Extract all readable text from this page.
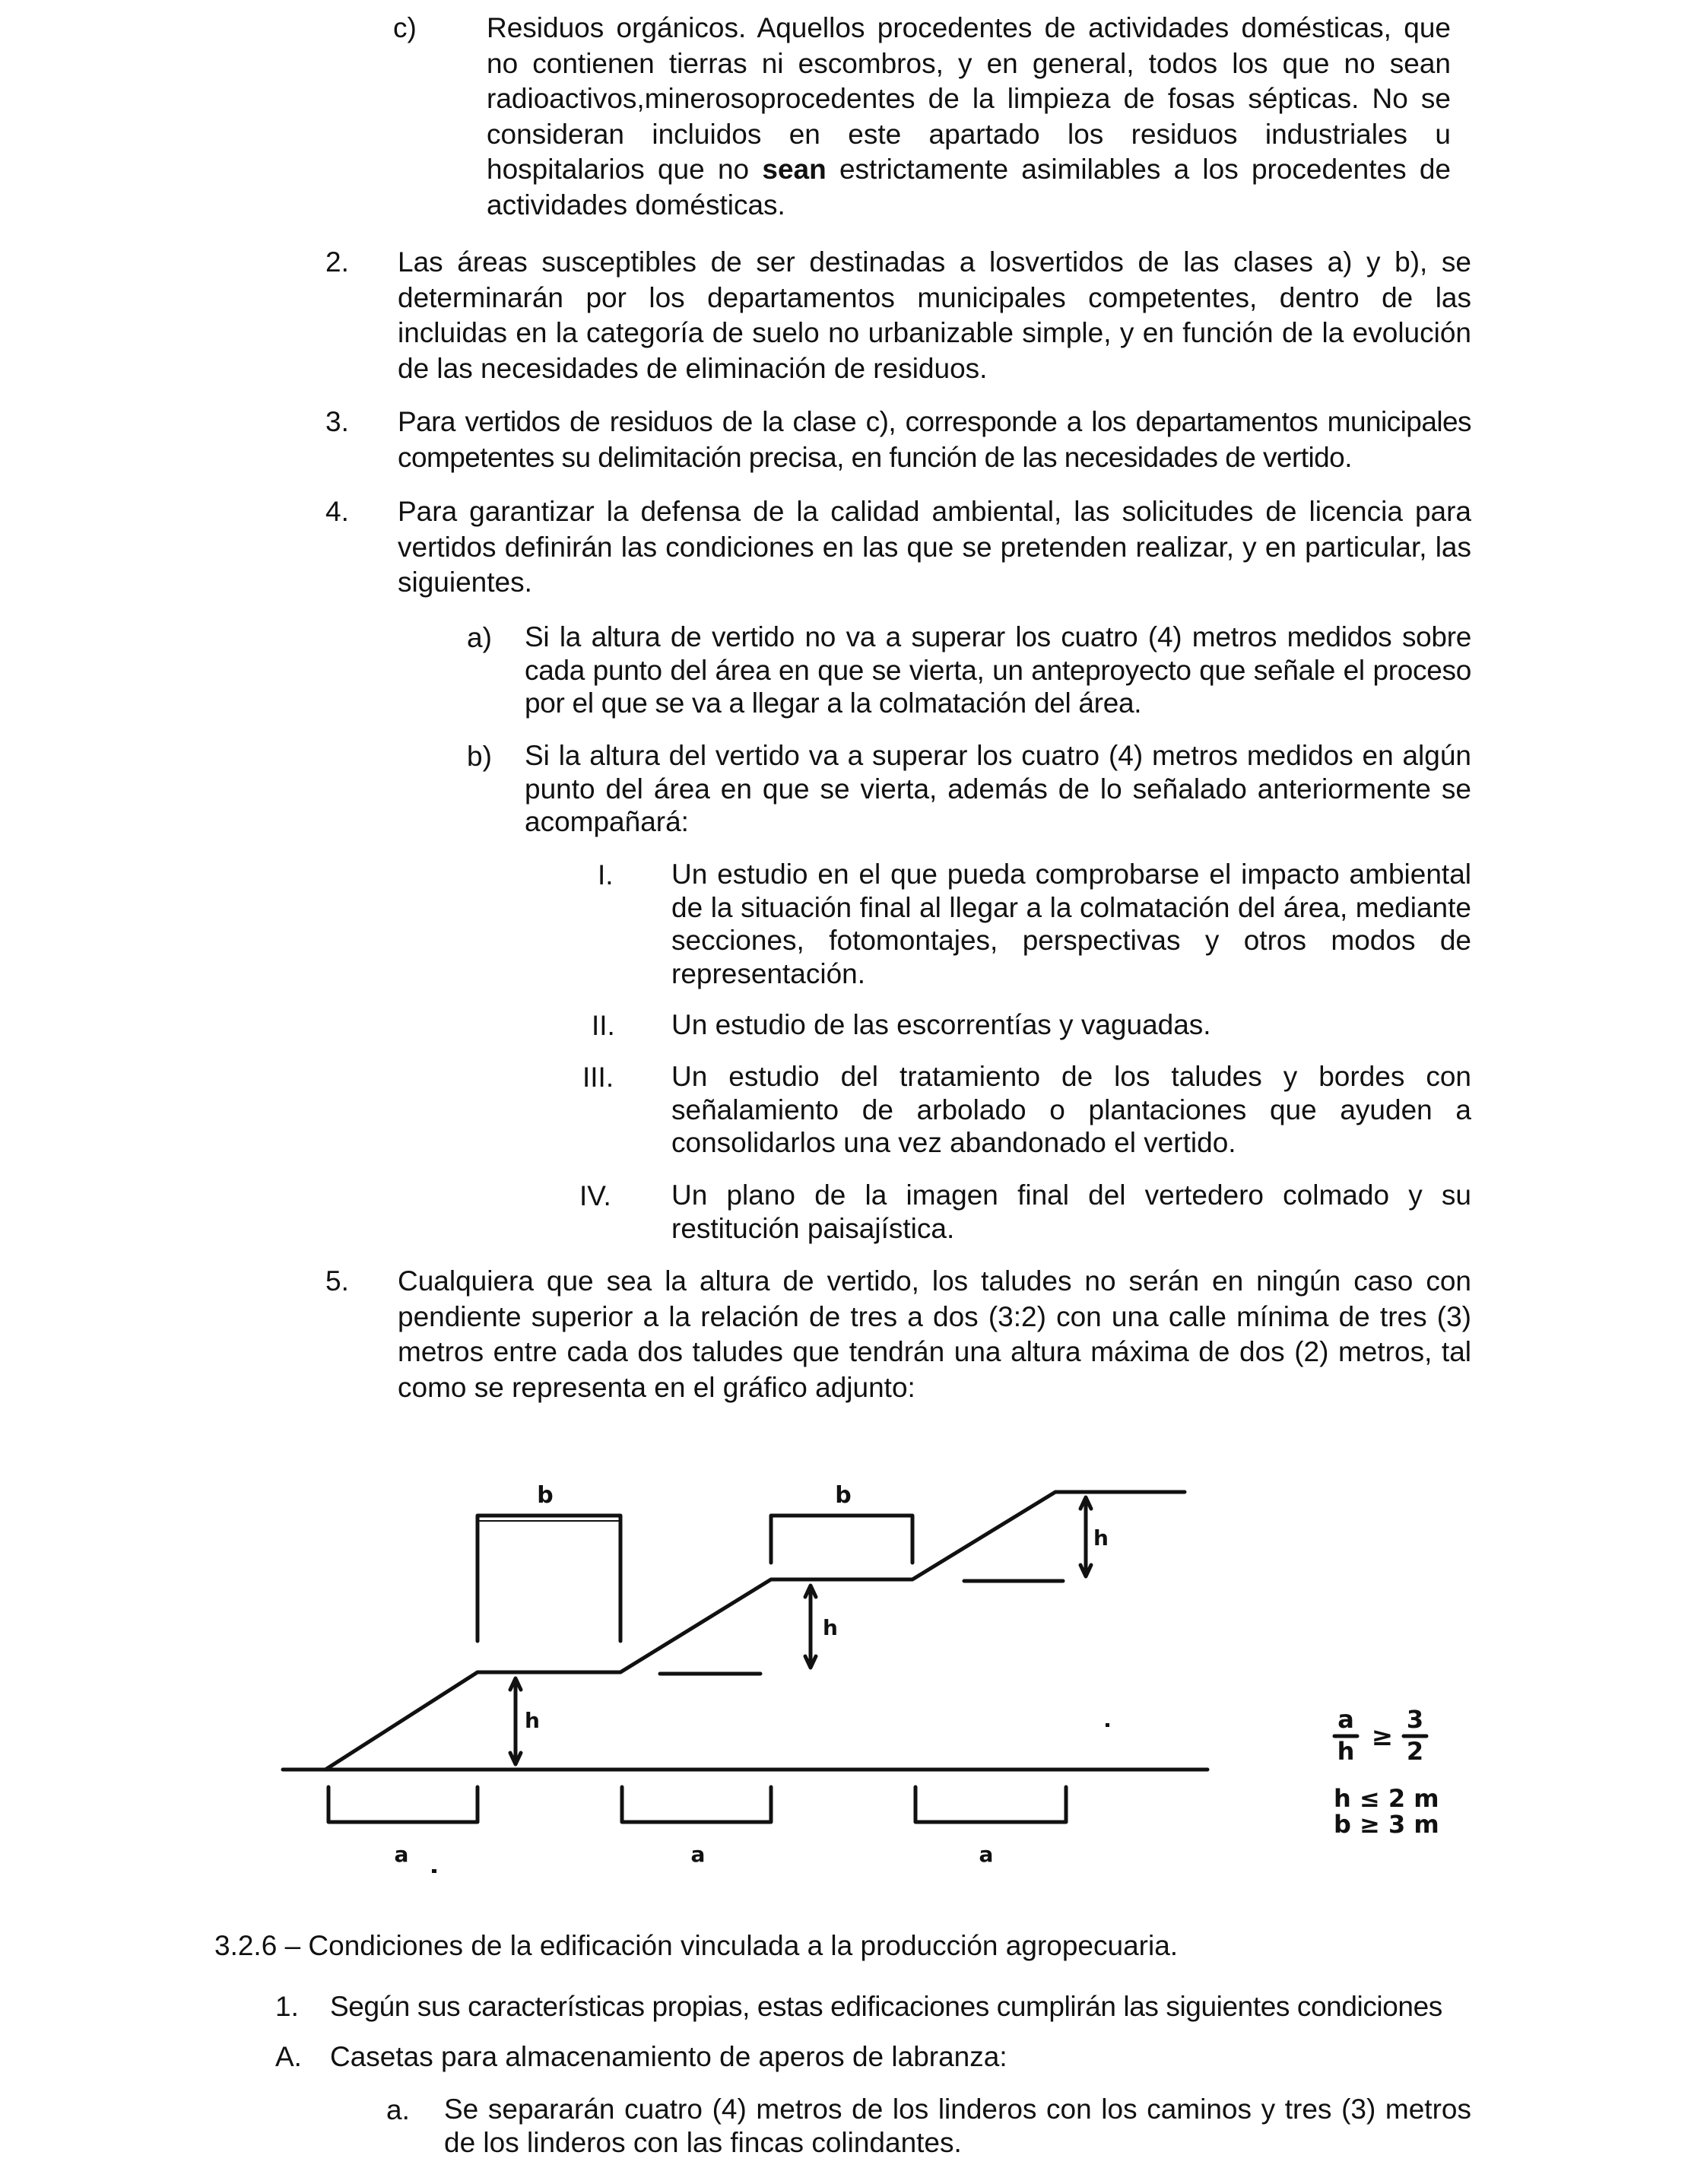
c) Residuos orgánicos. Aquellos procedentes de actividades domésticas, que no contienen tierras ni escombros, y en general, todos los que no sean radioactivos,minerosoprocedentes de la limpieza de fosas sépticas. No se consideran incluidos en este apartado los residuos industriales u hospitalarios que no sean estrictamente asimilables a los procedentes de actividades domésticas.
2. Las áreas susceptibles de ser destinadas a losvertidos de las clases a) y b), se determinarán por los departamentos municipales competentes, dentro de las incluidas en la categoría de suelo no urbanizable simple, y en función de la evolución de las necesidades de eliminación de residuos.
3. Para vertidos de residuos de la clase c), corresponde a los departamentos municipales competentes su delimitación precisa, en función de las necesidades de vertido.
4. Para garantizar la defensa de la calidad ambiental, las solicitudes de licencia para vertidos definirán las condiciones en las que se pretenden realizar, y en particular, las siguientes.
a) Si la altura de vertido no va a superar los cuatro (4) metros medidos sobre cada punto del área en que se vierta, un anteproyecto que señale el proceso por el que se va a llegar a la colmatación del área.
b) Si la altura del vertido va a superar los cuatro (4) metros medidos en algún punto del área en que se vierta, además de lo señalado anteriormente se acompañará:
I. Un estudio en el que pueda comprobarse el impacto ambiental de la situación final al llegar a la colmatación del área, mediante secciones, fotomontajes, perspectivas y otros modos de representación.
II. Un estudio de las escorrentías y vaguadas.
III. Un estudio del tratamiento de los taludes y bordes con señalamiento de arbolado o plantaciones que ayuden a consolidarlos una vez abandonado el vertido.
IV. Un plano de la imagen final del vertedero colmado y su restitución paisajística.
5. Cualquiera que sea la altura de vertido, los taludes no serán en ningún caso con pendiente superior a la relación de tres a dos (3:2) con una calle mínima de tres (3) metros entre cada dos taludes que tendrán una altura máxima de dos (2) metros, tal como se representa en el gráfico adjunto:
b	b
h
h
h
a	a	a
a
h ≥
3
2
h ≤ 2 m
b ≥ 3 m
3.2.6 – Condiciones de la edificación vinculada a la producción agropecuaria.
1. Según sus características propias, estas edificaciones cumplirán las siguientes condiciones
A. Casetas para almacenamiento de aperos de labranza:
a. Se separarán cuatro (4) metros de los linderos con los caminos y tres (3) metros de los linderos con las fincas colindantes.
